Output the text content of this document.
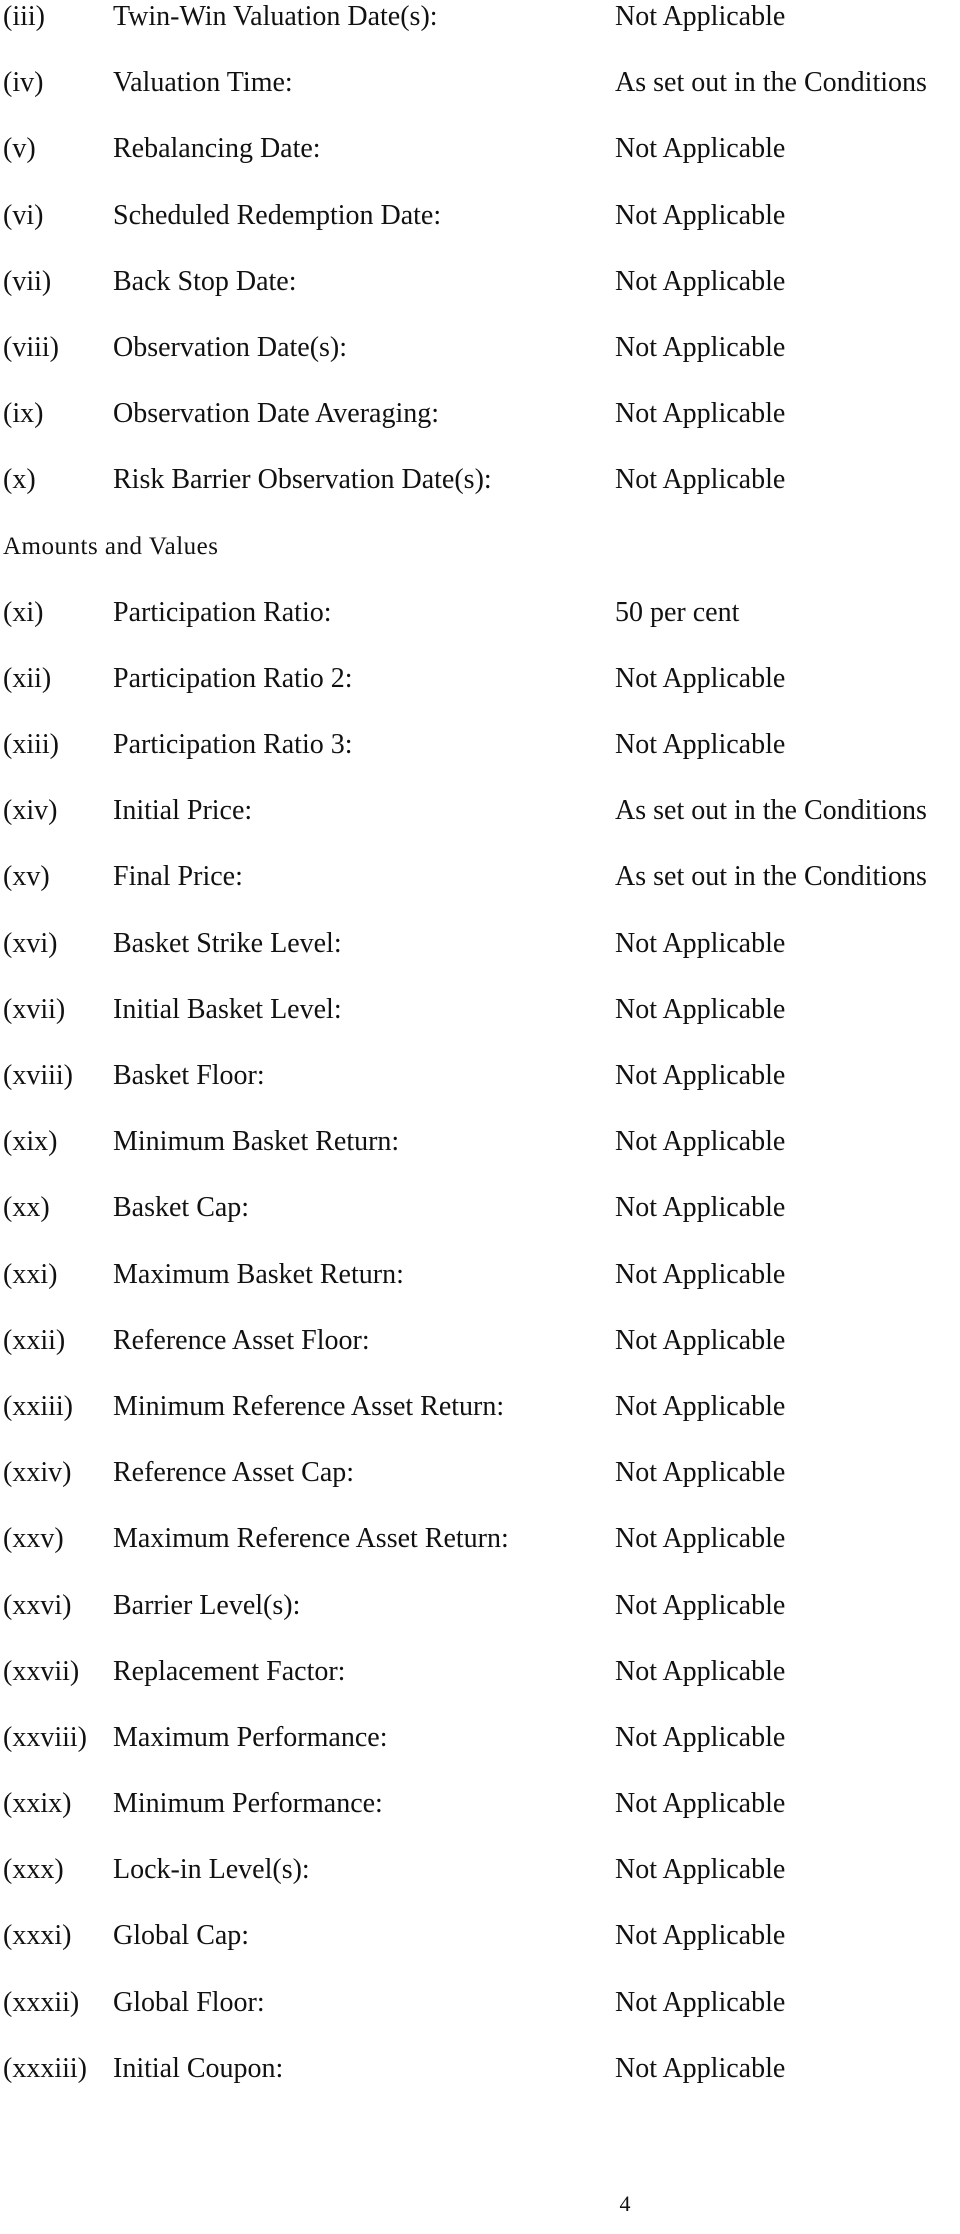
(iii) Twin-Win Valuation Date(s):	Not Applicable
(iv) Valuation Time:	As set out in the Conditions
(v)	Rebalancing Date:	Not Applicable
(vi) Scheduled Redemption Date:	Not Applicable
(vii) Back Stop Date:	Not Applicable
(viii) Observation Date(s):	Not Applicable
(ix) Observation Date Averaging:	Not Applicable
(x)	Risk Barrier Observation Date(s):	Not Applicable
Amounts and Values
(xi) Participation Ratio:	50 per cent
(xii) Participation Ratio 2:	Not Applicable
(xiii) Participation Ratio 3:	Not Applicable
(xiv) Initial Price:	As set out in the Conditions
(xv) Final Price:	As set out in the Conditions
(xvi) Basket Strike Level:	Not Applicable
(xvii) Initial Basket Level:	Not Applicable
(xviii) Basket Floor:	Not Applicable
(xix) Minimum Basket Return:	Not Applicable
(xx) Basket Cap:	Not Applicable
(xxi) Maximum Basket Return:	Not Applicable
(xxii) Reference Asset Floor:	Not Applicable
(xxiii) Minimum Reference Asset Return:	Not Applicable
(xxiv) Reference Asset Cap:	Not Applicable
(xxv) Maximum Reference Asset Return:	Not Applicable
(xxvi) Barrier Level(s):	Not Applicable
(xxvii) Replacement Factor:	Not Applicable
(xxviii) Maximum Performance:	Not Applicable
(xxix) Minimum Performance:	Not Applicable
(xxx) Lock-in Level(s):	Not Applicable
(xxxi) Global Cap:	Not Applicable
(xxxii) Global Floor:	Not Applicable
(xxxiii) Initial Coupon:	Not Applicable
4
